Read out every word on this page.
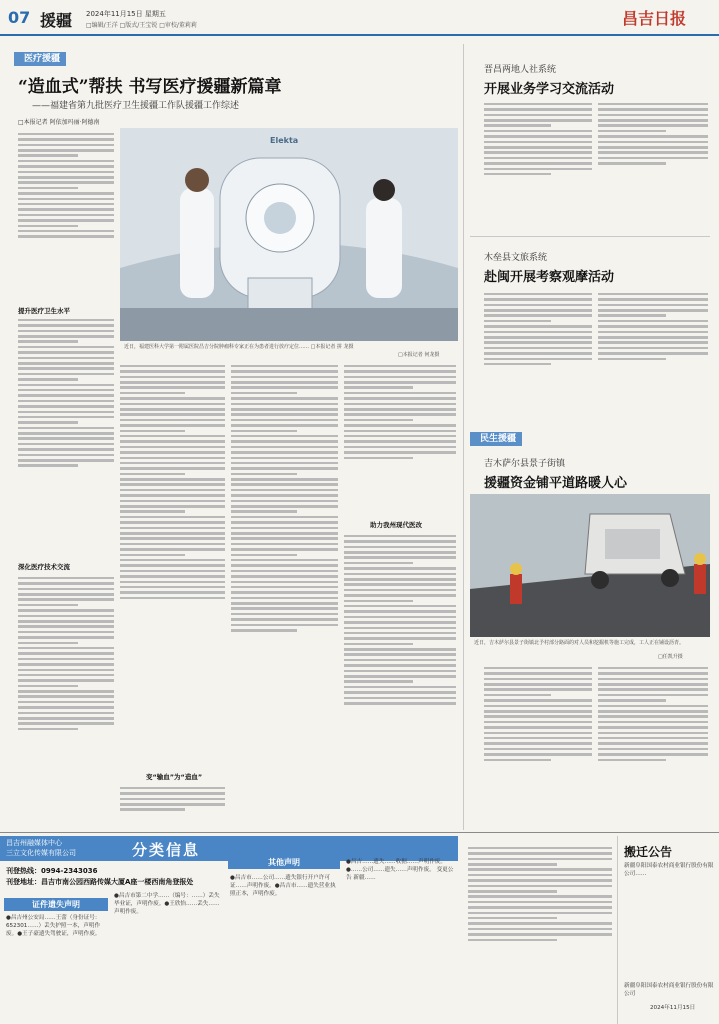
07 援疆 2024年11月15日 星期五
□编辑/王洋 □版式/王宝锐 □审校/董莉莉	昌吉日报
医疗援疆
“造血式”帮扶 书写医疗援疆新篇章
——福建省第九批医疗卫生援疆工作队援疆工作综述
□本报记者 阿依加玛丽·阿德南
Elekta
近日，福建医科大学第一附属医院昌吉分院肿瘤科专家正在为患者进行放疗定位…… □本报记者 拼 龙摄
□本报记者 何龙摄
提升医疗卫生水平
深化医疗技术交流
变“输血”为“造血”
助力我州现代医改
晋昌两地人社系统
开展业务学习交流活动
木垒县文旅系统
赴闽开展考察观摩活动
民生援疆
吉木萨尔县景子街镇
援疆资金铺平道路暖人心
近日，吉木萨尔县景子街镇北予村部分路面的对人员和挖掘机等施工完成，工人正在铺设沥青。
□任凯升摄
昌吉州融媒体中心
三立文化传媒有限公司	分类信息
刊登热线：0994-2343036
刊登地址：昌吉市南公园西路传媒大厦A座一楼西南角登报处
证件遗失声明
●昌吉州公安局……王蕾（身份证号：652301……）丢失护照一本，声明作废。●王子豪遗失驾驶证，声明作废。
●昌吉市第二中学……（编号：……）丢失毕业证，声明作废。●王欣怡……丢失……声明作废。
其他声明
●昌吉市……公司……遗失银行开户许可证……声明作废。●昌吉市……遗失营业执照正本，声明作废。
●昌吉……遗失……收据……声明作废。●……公司……遗失……声明作废。 变更公告 新疆……
搬迁公告
新疆阜阳国泰农村商业银行股份有限公司……
新疆阜阳国泰农村商业银行股份有限公司
2024年11月15日
